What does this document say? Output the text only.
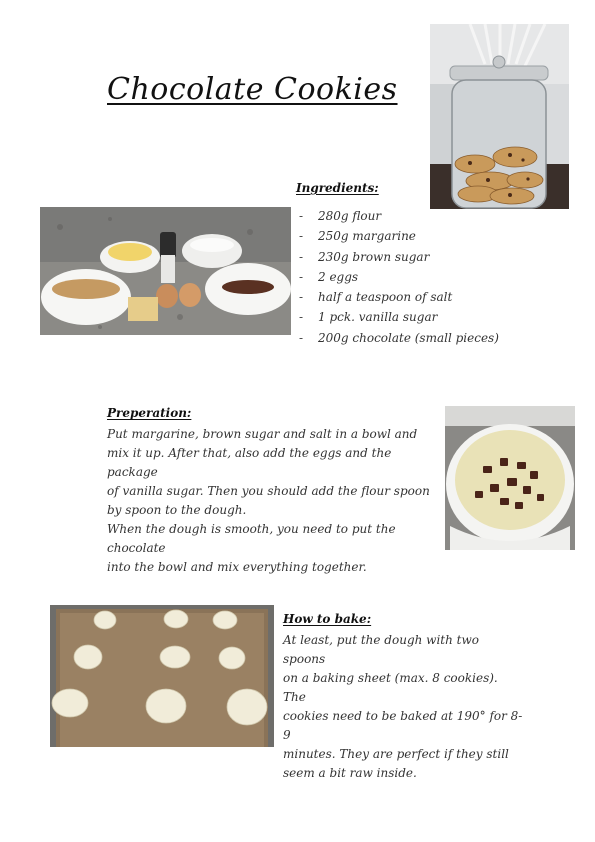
Chocolate Cookies
Ingredients:
- 280g flour
- 250g margarine
- 230g brown sugar
- 2 eggs
- half a teaspoon of salt
- 1 pck. vanilla sugar
- 200g chocolate (small pieces)
Preperation:
Put margarine, brown sugar and salt in a bowl and
mix it up. After that, also add the eggs and the package
of vanilla sugar. Then you should add the flour spoon
by spoon to the dough.
When the dough is smooth, you need to put the chocolate
into the bowl and mix everything together.
How to bake:
At least, put the dough with two spoons
on a baking sheet (max. 8 cookies). The
cookies need to be baked at 190° for 8-9
minutes. They are perfect if they still
seem a bit raw inside.
